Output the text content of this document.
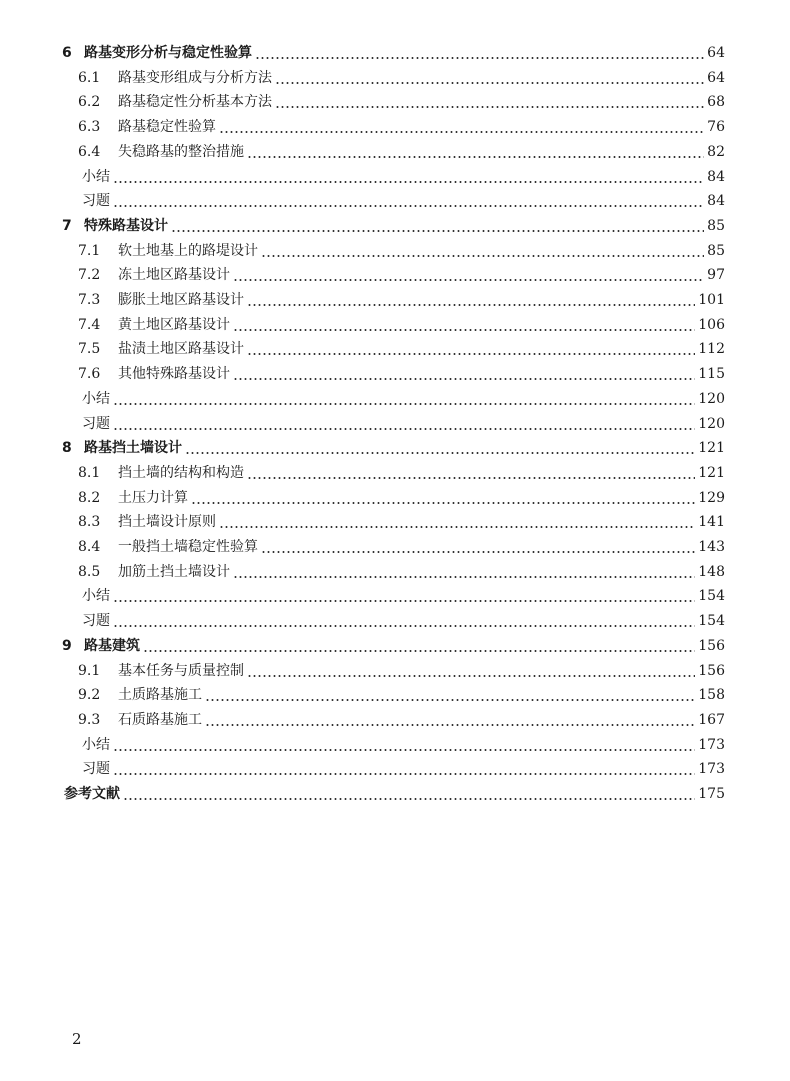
6 路基变形分析与稳定性验算	64
6.1	路基变形组成与分析方法	64
6.2	路基稳定性分析基本方法	68
6.3	路基稳定性验算	76
6.4	失稳路基的整治措施	82
小结	84
习题	84
7 特殊路基设计	85
7.1	软土地基上的路堤设计	85
7.2	冻土地区路基设计	97
7.3	膨胀土地区路基设计	101
7.4	黄土地区路基设计	106
7.5	盐渍土地区路基设计	112
7.6	其他特殊路基设计	115
小结	120
习题	120
8 路基挡土墙设计	121
8.1	挡土墙的结构和构造	121
8.2	土压力计算	129
8.3	挡土墙设计原则	141
8.4	一般挡土墙稳定性验算	143
8.5	加筋土挡土墙设计	148
小结	154
习题	154
9 路基建筑	156
9.1	基本任务与质量控制	156
9.2	土质路基施工	158
9.3	石质路基施工	167
小结	173
习题	173
参考文献	175
2
